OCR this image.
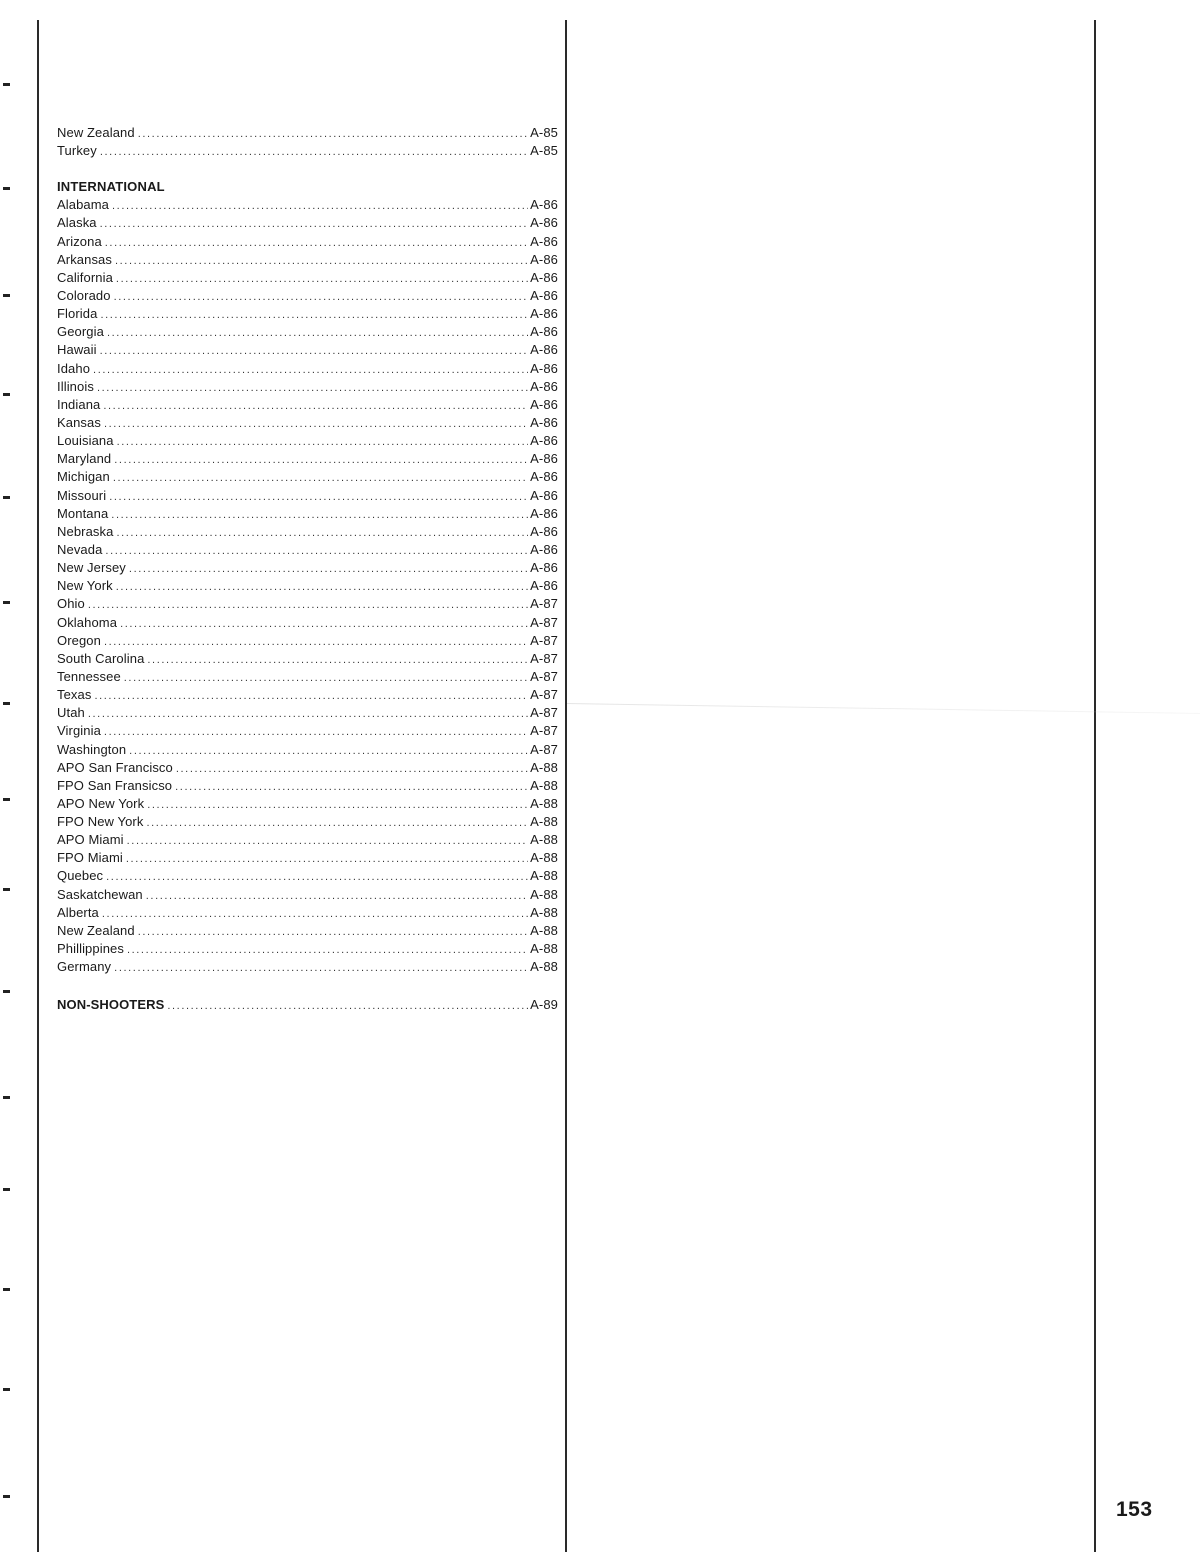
New Zealand .....	A-85
Turkey .....	A-85
INTERNATIONAL
Alabama .....	A-86
Alaska .....	A-86
Arizona .....	A-86
Arkansas .....	A-86
California .....	A-86
Colorado .....	A-86
Florida .....	A-86
Georgia .....	A-86
Hawaii .....	A-86
Idaho .....	A-86
Illinois .....	A-86
Indiana .....	A-86
Kansas .....	A-86
Louisiana .....	A-86
Maryland .....	A-86
Michigan .....	A-86
Missouri .....	A-86
Montana .....	A-86
Nebraska .....	A-86
Nevada .....	A-86
New Jersey .....	A-86
New York .....	A-86
Ohio .....	A-87
Oklahoma .....	A-87
Oregon .....	A-87
South Carolina .....	A-87
Tennessee .....	A-87
Texas .....	A-87
Utah .....	A-87
Virginia .....	A-87
Washington .....	A-87
APO San Francisco .....	A-88
FPO San Fransicso .....	A-88
APO New York .....	A-88
FPO New York .....	A-88
APO Miami .....	A-88
FPO Miami .....	A-88
Quebec .....	A-88
Saskatchewan .....	A-88
Alberta .....	A-88
New Zealand .....	A-88
Phillippines .....	A-88
Germany .....	A-88
NON-SHOOTERS .....	A-89
153
